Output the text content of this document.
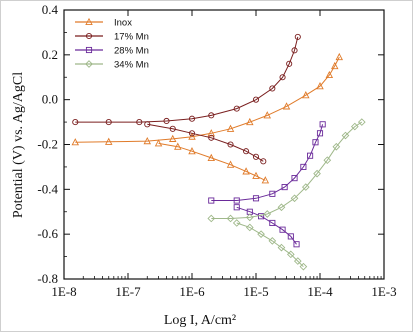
1E-8	1E-7	1E-6	1E-5	1E-4	1E-3
0.4
0.2
0.0
-0.2
-0.4
-0.6
-0.8
Inox
17% Mn
28% Mn
34% Mn
Log I, A/cm²
Potential (V) vs. Ag/AgCl
